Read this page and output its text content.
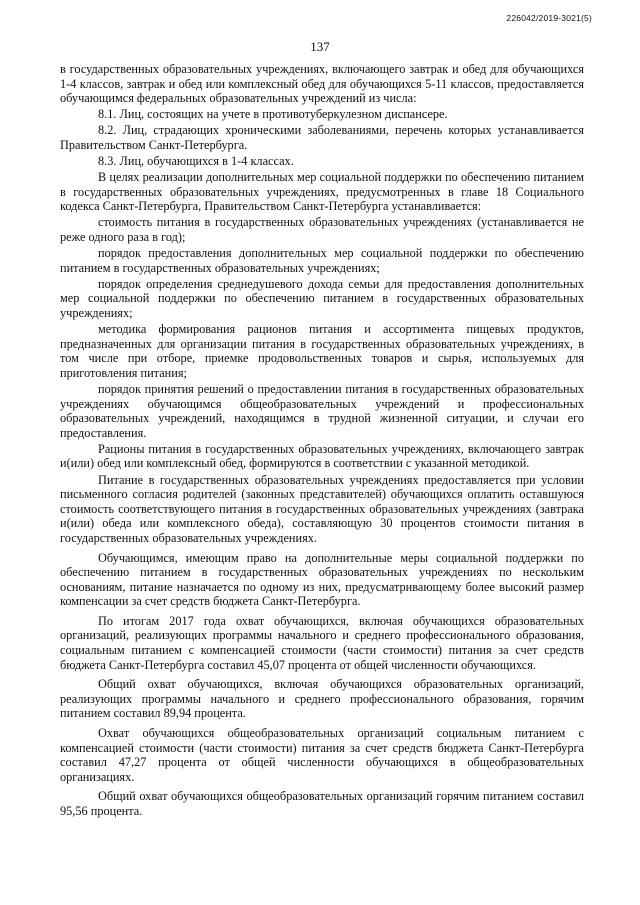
226042/2019-3021(5)
137

в государственных образовательных учреждениях, включающего завтрак и обед для обучающихся 1-4 классов, завтрак и обед или комплексный обед для обучающихся 5-11 классов, предоставляется обучающимся федеральных образовательных учреждений из числа:

8.1. Лиц, состоящих на учете в противотуберкулезном диспансере.

8.2. Лиц, страдающих хроническими заболеваниями, перечень которых устанавливается Правительством Санкт-Петербурга.

8.3. Лиц, обучающихся в 1-4 классах.

В целях реализации дополнительных мер социальной поддержки по обеспечению питанием в государственных образовательных учреждениях, предусмотренных в главе 18 Социального кодекса Санкт-Петербурга, Правительством Санкт-Петербурга устанавливается:

стоимость питания в государственных образовательных учреждениях (устанавливается не реже одного раза в год);

порядок предоставления дополнительных мер социальной поддержки по обеспечению питанием в государственных образовательных учреждениях;

порядок определения среднедушевого дохода семьи для предоставления дополнительных мер социальной поддержки по обеспечению питанием в государственных образовательных учреждениях;

методика формирования рационов питания и ассортимента пищевых продуктов, предназначенных для организации питания в государственных образовательных учреждениях, в том числе при отборе, приемке продовольственных товаров и сырья, используемых для приготовления питания;

порядок принятия решений о предоставлении питания в государственных образовательных учреждениях обучающимся общеобразовательных учреждений и профессиональных образовательных учреждений, находящимся в трудной жизненной ситуации, и случаи его предоставления.

Рационы питания в государственных образовательных учреждениях, включающего завтрак и(или) обед или комплексный обед, формируются в соответствии с указанной методикой.

Питание в государственных образовательных учреждениях предоставляется при условии письменного согласия родителей (законных представителей) обучающихся оплатить оставшуюся стоимость соответствующего питания в государственных образовательных учреждениях (завтрака и(или) обеда или комплексного обеда), составляющую 30 процентов стоимости питания в государственных образовательных учреждениях.

Обучающимся, имеющим право на дополнительные меры социальной поддержки по обеспечению питанием в государственных образовательных учреждениях по нескольким основаниям, питание назначается по одному из них, предусматривающему более высокий размер компенсации за счет средств бюджета Санкт-Петербурга.

По итогам 2017 года охват обучающихся, включая обучающихся образовательных организаций, реализующих программы начального и среднего профессионального образования, социальным питанием с компенсацией стоимости (части стоимости) питания за счет средств бюджета Санкт-Петербурга составил 45,07 процента от общей численности обучающихся.

Общий охват обучающихся, включая обучающихся образовательных организаций, реализующих программы начального и среднего профессионального образования, горячим питанием составил 89,94 процента.

Охват обучающихся общеобразовательных организаций социальным питанием с компенсацией стоимости (части стоимости) питания за счет средств бюджета Санкт-Петербурга составил 47,27 процента от общей численности обучающихся в общеобразовательных организациях.

Общий охват обучающихся общеобразовательных организаций горячим питанием составил 95,56 процента.
